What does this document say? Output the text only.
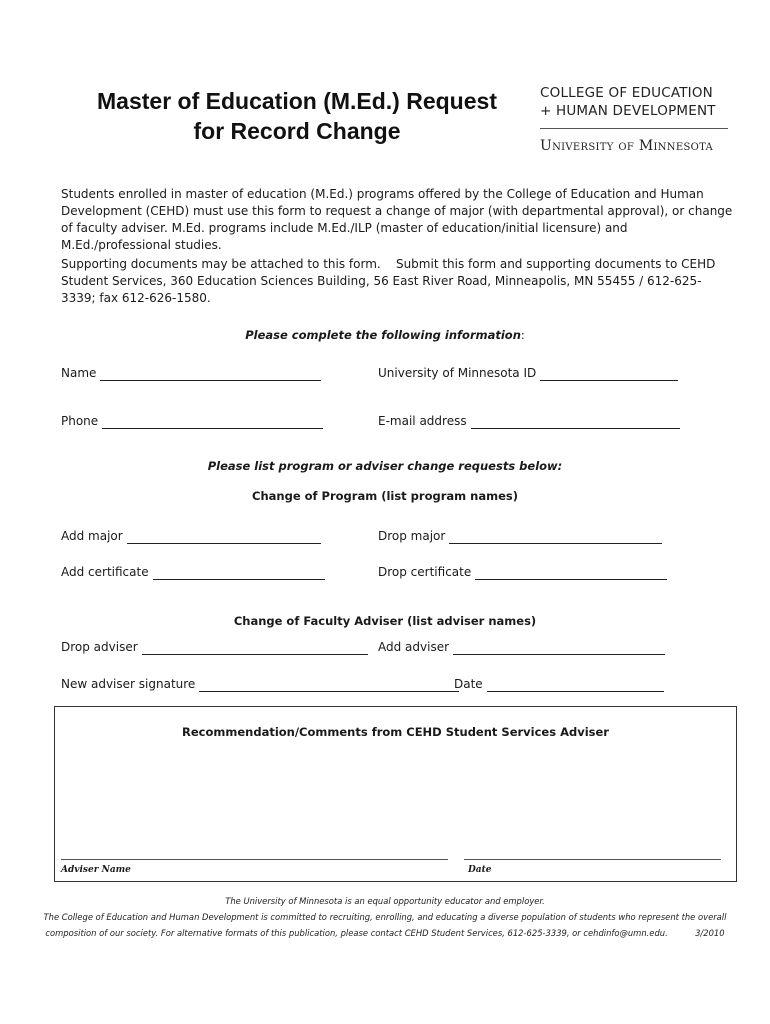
Master of Education (M.Ed.) Request
for Record Change
COLLEGE OF EDUCATION
+ HUMAN DEVELOPMENT
University of Minnesota

Students enrolled in master of education (M.Ed.) programs offered by the College of Education and Human Development (CEHD) must use this form to request a change of major (with departmental approval), or change of faculty adviser. M.Ed. programs include M.Ed./ILP (master of education/initial licensure) and M.Ed./professional studies.

Supporting documents may be attached to this form.    Submit this form and supporting documents to CEHD Student Services, 360 Education Sciences Building, 56 East River Road, Minneapolis, MN 55455 / 612-625-3339; fax 612-626-1580.

Please complete the following information:
Name	University of Minnesota ID
Phone	E-mail address
Please list program or adviser change requests below:
Change of Program (list program names)
Add major	Drop major
Add certificate	Drop certificate
Change of Faculty Adviser (list adviser names)
Drop adviser	Add adviser
New adviser signature	Date
Recommendation/Comments from CEHD Student Services Adviser
Adviser Name	Date
The University of Minnesota is an equal opportunity educator and employer.
The College of Education and Human Development is committed to recruiting, enrolling, and educating a diverse population of students who represent the overall
composition of our society. For alternative formats of this publication, please contact CEHD Student Services, 612-625-3339, or cehdinfo@umn.edu.	3/2010
